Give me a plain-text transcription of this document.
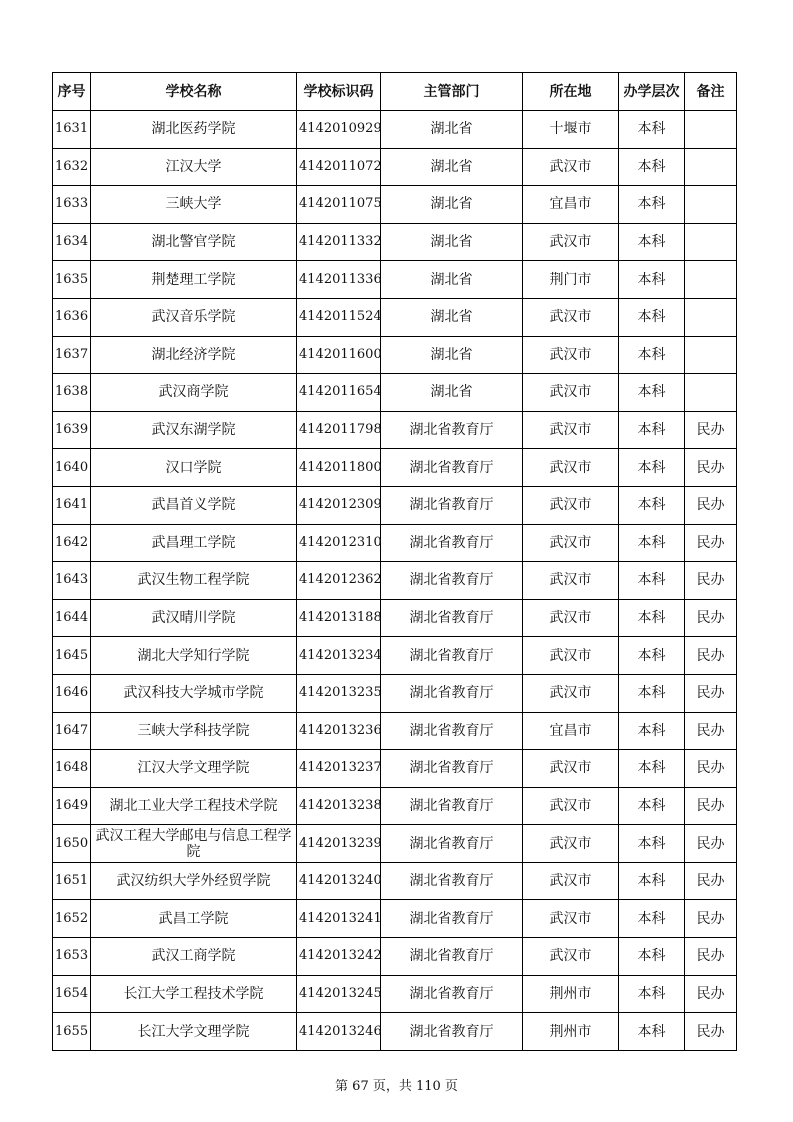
序号	学校名称	学校标识码	主管部门	所在地	办学层次	备注
1631	湖北医药学院	4142010929	湖北省	十堰市	本科	
1632	江汉大学	4142011072	湖北省	武汉市	本科	
1633	三峡大学	4142011075	湖北省	宜昌市	本科	
1634	湖北警官学院	4142011332	湖北省	武汉市	本科	
1635	荆楚理工学院	4142011336	湖北省	荆门市	本科	
1636	武汉音乐学院	4142011524	湖北省	武汉市	本科	
1637	湖北经济学院	4142011600	湖北省	武汉市	本科	
1638	武汉商学院	4142011654	湖北省	武汉市	本科	
1639	武汉东湖学院	4142011798	湖北省教育厅	武汉市	本科	民办
1640	汉口学院	4142011800	湖北省教育厅	武汉市	本科	民办
1641	武昌首义学院	4142012309	湖北省教育厅	武汉市	本科	民办
1642	武昌理工学院	4142012310	湖北省教育厅	武汉市	本科	民办
1643	武汉生物工程学院	4142012362	湖北省教育厅	武汉市	本科	民办
1644	武汉晴川学院	4142013188	湖北省教育厅	武汉市	本科	民办
1645	湖北大学知行学院	4142013234	湖北省教育厅	武汉市	本科	民办
1646	武汉科技大学城市学院	4142013235	湖北省教育厅	武汉市	本科	民办
1647	三峡大学科技学院	4142013236	湖北省教育厅	宜昌市	本科	民办
1648	江汉大学文理学院	4142013237	湖北省教育厅	武汉市	本科	民办
1649	湖北工业大学工程技术学院	4142013238	湖北省教育厅	武汉市	本科	民办
1650	武汉工程大学邮电与信息工程学院	4142013239	湖北省教育厅	武汉市	本科	民办
1651	武汉纺织大学外经贸学院	4142013240	湖北省教育厅	武汉市	本科	民办
1652	武昌工学院	4142013241	湖北省教育厅	武汉市	本科	民办
1653	武汉工商学院	4142013242	湖北省教育厅	武汉市	本科	民办
1654	长江大学工程技术学院	4142013245	湖北省教育厅	荆州市	本科	民办
1655	长江大学文理学院	4142013246	湖北省教育厅	荆州市	本科	民办
第 67 页，共 110 页
